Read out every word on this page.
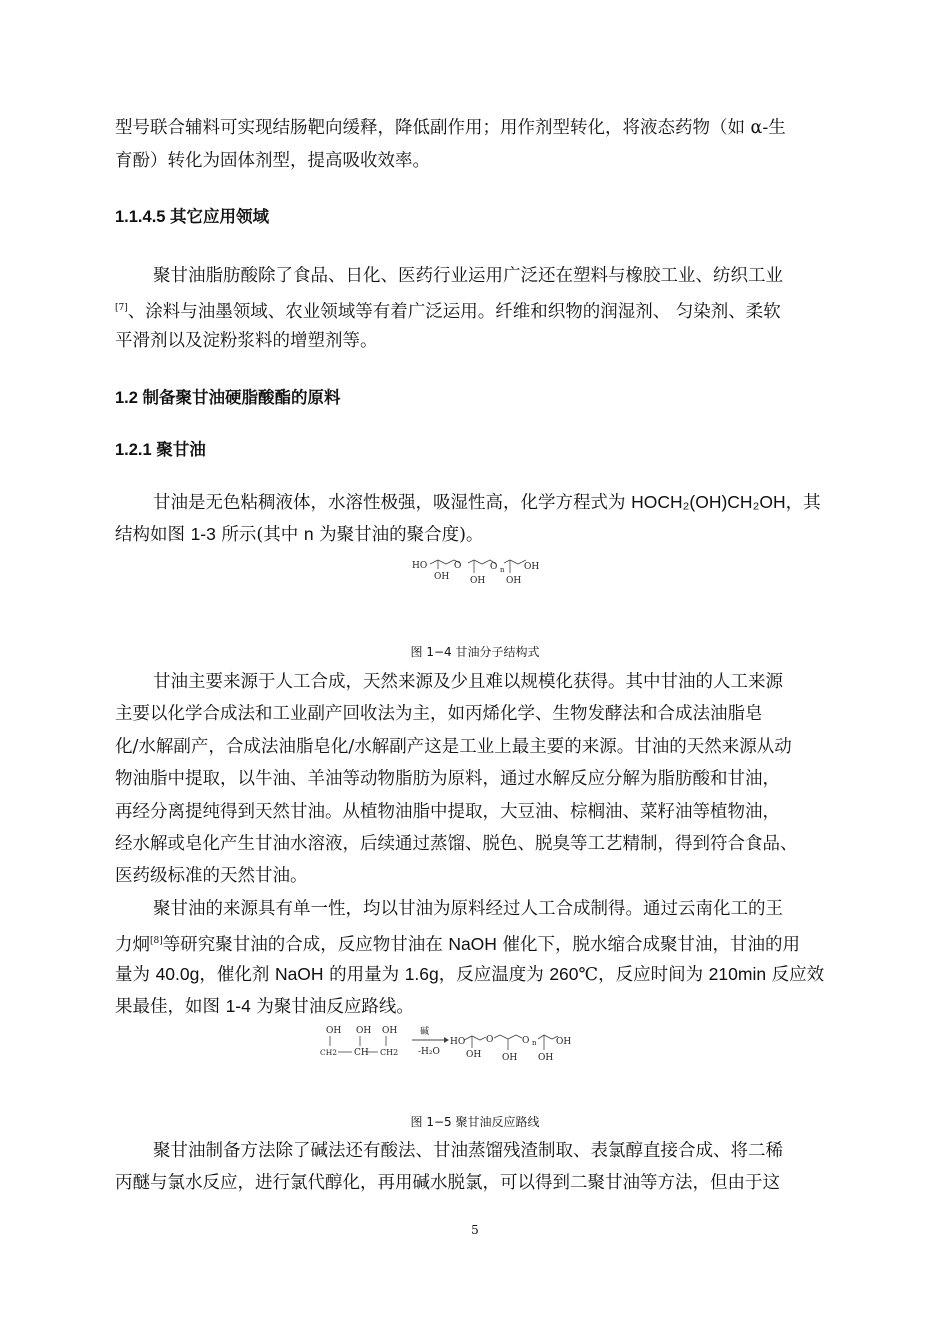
型号联合辅料可实现结肠靶向缓释，降低副作用；用作剂型转化，将液态药物（如 α-生
育酚）转化为固体剂型，提高吸收效率。
1.1.4.5 其它应用领域
聚甘油脂肪酸除了食品、日化、医药行业运用广泛还在塑料与橡胶工业、纺织工业
[7]、涂料与油墨领域、农业领域等有着广泛运用。纤维和织物的润湿剂、 匀染剂、柔软
平滑剂以及淀粉浆料的增塑剂等。
1.2 制备聚甘油硬脂酸酯的原料
1.2.1 聚甘油
甘油是无色粘稠液体，水溶性极强，吸湿性高，化学方程式为 HOCH₂(OH)CH₂OH，其
结构如图 1-3 所示(其中 n 为聚甘油的聚合度)。
HO	O	O n OH
OH OH OH
图 1−4 甘油分子结构式
甘油主要来源于人工合成，天然来源及少且难以规模化获得。其中甘油的人工来源
主要以化学合成法和工业副产回收法为主，如丙烯化学、生物发酵法和合成法油脂皂
化/水解副产，合成法油脂皂化/水解副产这是工业上最主要的来源。甘油的天然来源从动
物油脂中提取，以牛油、羊油等动物脂肪为原料，通过水解反应分解为脂肪酸和甘油，
再经分离提纯得到天然甘油。从植物油脂中提取，大豆油、棕榈油、菜籽油等植物油，
经水解或皂化产生甘油水溶液，后续通过蒸馏、脱色、脱臭等工艺精制，得到符合食品、
医药级标准的天然甘油。
聚甘油的来源具有单一性，均以甘油为原料经过人工合成制得。通过云南化工的王
力炯[8]等研究聚甘油的合成，反应物甘油在 NaOH 催化下，脱水缩合成聚甘油，甘油的用
量为 40.0g，催化剂 NaOH 的用量为 1.6g，反应温度为 260℃，反应时间为 210min 反应效
果最佳，如图 1-4 为聚甘油反应路线。
OH OH OH
CH2 CH CH2
碱
-H₂O
HO O	O n OH
OH OH OH
图 1−5 聚甘油反应路线
聚甘油制备方法除了碱法还有酸法、甘油蒸馏残渣制取、表氯醇直接合成、将二稀
丙醚与氯水反应，进行氯代醇化，再用碱水脱氯，可以得到二聚甘油等方法，但由于这
5
